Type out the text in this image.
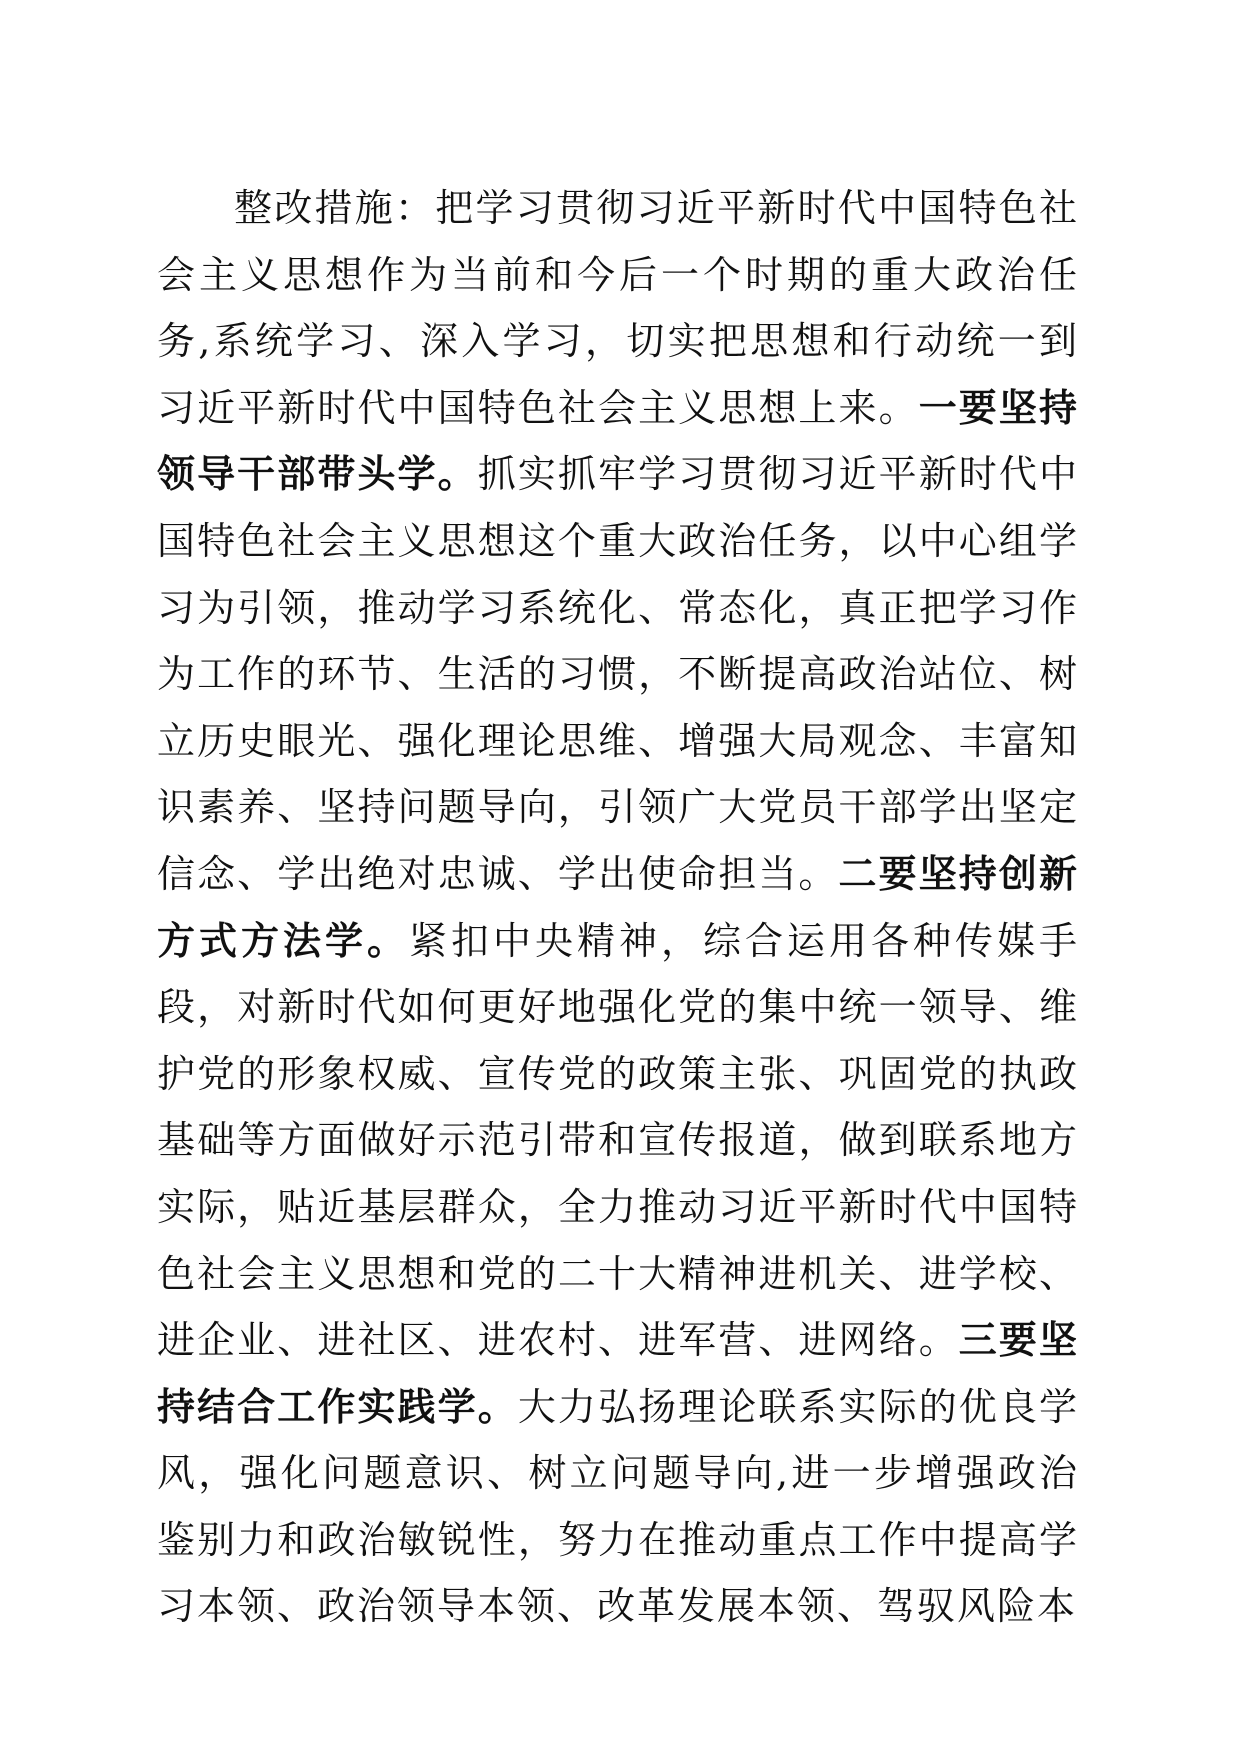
整改措施：把学习贯彻习近平新时代中国特色社会主义思想作为当前和今后一个时期的重大政治任务,系统学习、深入学习，切实把思想和行动统一到习近平新时代中国特色社会主义思想上来。一要坚持领导干部带头学。抓实抓牢学习贯彻习近平新时代中国特色社会主义思想这个重大政治任务，以中心组学习为引领，推动学习系统化、常态化，真正把学习作为工作的环节、生活的习惯，不断提高政治站位、树立历史眼光、强化理论思维、增强大局观念、丰富知识素养、坚持问题导向，引领广大党员干部学出坚定信念、学出绝对忠诚、学出使命担当。二要坚持创新方式方法学。紧扣中央精神，综合运用各种传媒手段，对新时代如何更好地强化党的集中统一领导、维护党的形象权威、宣传党的政策主张、巩固党的执政基础等方面做好示范引带和宣传报道，做到联系地方实际，贴近基层群众，全力推动习近平新时代中国特色社会主义思想和党的二十大精神进机关、进学校、进企业、进社区、进农村、进军营、进网络。三要坚持结合工作实践学。大力弘扬理论联系实际的优良学风，强化问题意识、树立问题导向,进一步增强政治鉴别力和政治敏锐性，努力在推动重点工作中提高学习本领、政治领导本领、改革发展本领、驾驭风险本
